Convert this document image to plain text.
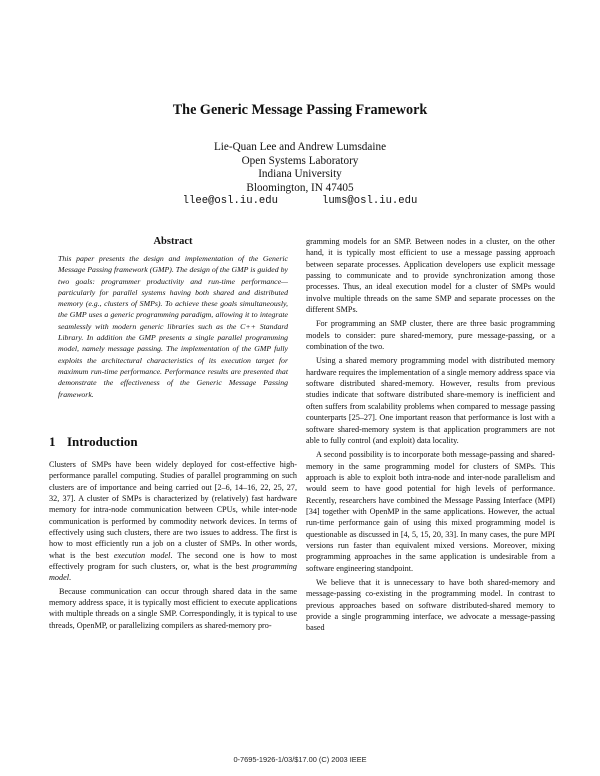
The Generic Message Passing Framework
Lie-Quan Lee and Andrew Lumsdaine
Open Systems Laboratory
Indiana University
Bloomington, IN 47405
llee@osl.iu.edu	lums@osl.iu.edu
Abstract

This paper presents the design and implementation of the Generic Message Passing framework (GMP). The design of the GMP is guided by two goals: programmer productivity and run-time performance—particularly for parallel systems having both shared and distributed memory (e.g., clusters of SMPs). To achieve these goals simultaneously, the GMP uses a generic programming paradigm, allowing it to integrate seamlessly with modern generic libraries such as the C++ Standard Library. In addition the GMP presents a single parallel programming model, namely message passing. The implementation of the GMP fully exploits the architectural characteristics of its execution target for maximum run-time performance. Performance results are presented that demonstrate the effectiveness of the Generic Message Passing framework.

1 Introduction

Clusters of SMPs have been widely deployed for cost-effective high-performance parallel computing. Studies of parallel programming on such clusters are of importance and being carried out [2–6, 14–16, 22, 25, 27, 32, 37]. A cluster of SMPs is characterized by (relatively) fast hardware memory for intra-node communication between CPUs, while inter-node communication is performed by commodity network devices. In terms of effectively using such clusters, there are two issues to address. The first is how to most efficiently run a job on a cluster of SMPs. In other words, what is the best execution model. The second one is how to most effectively program for such clusters, or, what is the best programming model.

Because communication can occur through shared data in the same memory address space, it is typically most efficient to execute applications with multiple threads on a single SMP. Correspondingly, it is typical to use threads, OpenMP, or parallelizing compilers as shared-memory pro-

gramming models for an SMP. Between nodes in a cluster, on the other hand, it is typically most efficient to use a message passing approach between separate processes. Application developers use explicit message passing to communicate and to provide synchronization among those processes. Thus, an ideal execution model for a cluster of SMPs would involve multiple threads on the same SMP and separate processes on the different SMPs.

For programming an SMP cluster, there are three basic programming models to consider: pure shared-memory, pure message-passing, or a combination of the two.

Using a shared memory programming model with distributed memory hardware requires the implementation of a single memory address space via software distributed shared-memory. However, results from previous studies indicate that software distributed share-memory is inefficient and often suffers from scalability problems when compared to message passing counterparts [25–27]. One important reason that performance is lost with a software shared-memory system is that application programmers are not able to fully control (and exploit) data locality.

A second possibility is to incorporate both message-passing and shared-memory in the same programming model for clusters of SMPs. This approach is able to exploit both intra-node and inter-node parallelism and would seem to have good potential for high levels of performance. Recently, researchers have combined the Message Passing Interface (MPI) [34] together with OpenMP in the same applications. However, the actual run-time performance gain of using this mixed programming model is questionable as discussed in [4, 5, 15, 20, 33]. In many cases, the pure MPI versions run faster than equivalent mixed versions. Moreover, mixing programming approaches in the same application is undesirable from a software engineering standpoint.

We believe that it is unnecessary to have both shared-memory and message-passing co-existing in the programming model. In contrast to previous approaches based on software distributed-shared memory to provide a single programming interface, we advocate a message-passing based

0-7695-1926-1/03/$17.00 (C) 2003 IEEE
